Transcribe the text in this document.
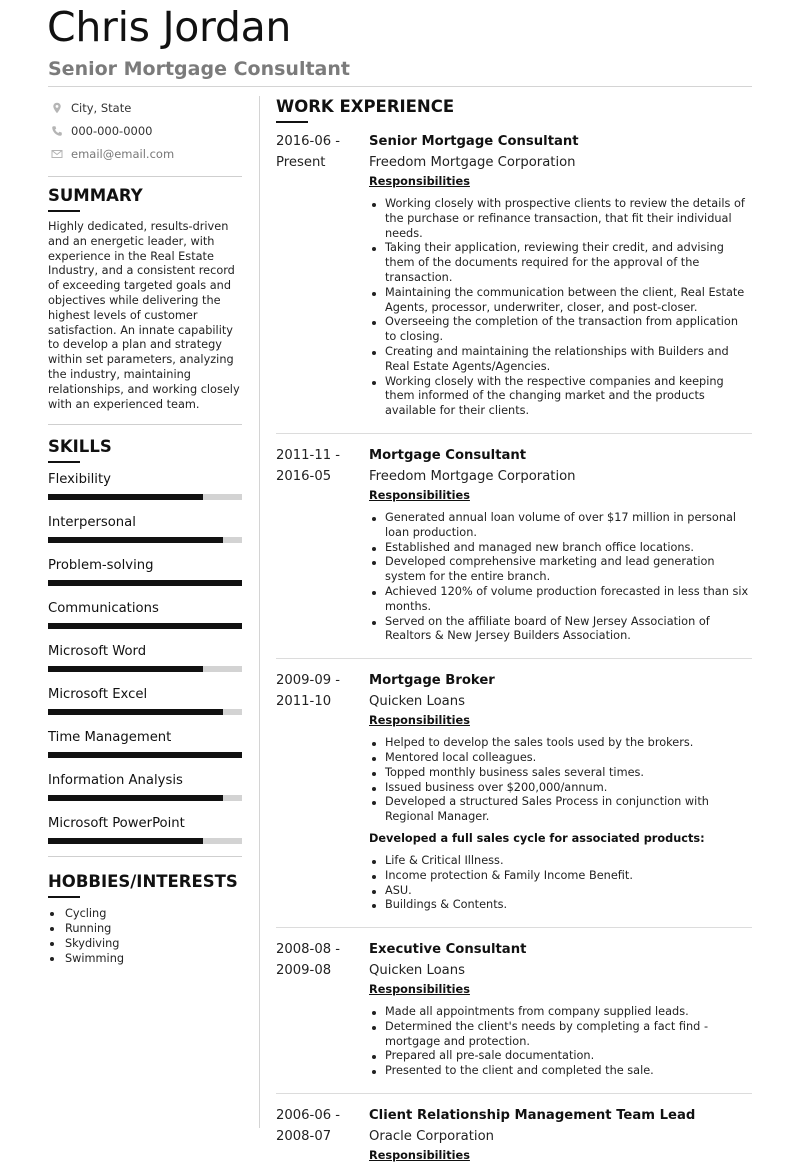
Chris Jordan
Senior Mortgage Consultant
City, State
000-000-0000
email@email.com
SUMMARY
Highly dedicated, results-driven and an energetic leader, with experience in the Real Estate Industry, and a consistent record of exceeding targeted goals and objectives while delivering the highest levels of customer satisfaction. An innate capability to develop a plan and strategy within set parameters, analyzing the industry, maintaining relationships, and working closely with an experienced team.
SKILLS
Flexibility
Interpersonal
Problem-solving
Communications
Microsoft Word
Microsoft Excel
Time Management
Information Analysis
Microsoft PowerPoint
HOBBIES/INTERESTS
Cycling
Running
Skydiving
Swimming
WORK EXPERIENCE
2016-06 -
Present
Senior Mortgage Consultant
Freedom Mortgage Corporation
Responsibilities
Working closely with prospective clients to review the details of the purchase or refinance transaction, that fit their individual needs.
Taking their application, reviewing their credit, and advising them of the documents required for the approval of the transaction.
Maintaining the communication between the client, Real Estate Agents, processor, underwriter, closer, and post-closer.
Overseeing the completion of the transaction from application to closing.
Creating and maintaining the relationships with Builders and Real Estate Agents/Agencies.
Working closely with the respective companies and keeping them informed of the changing market and the products available for their clients.
2011-11 -
2016-05
Mortgage Consultant
Freedom Mortgage Corporation
Responsibilities
Generated annual loan volume of over $17 million in personal loan production.
Established and managed new branch office locations.
Developed comprehensive marketing and lead generation system for the entire branch.
Achieved 120% of volume production forecasted in less than six months.
Served on the affiliate board of New Jersey Association of Realtors & New Jersey Builders Association.
2009-09 -
2011-10
Mortgage Broker
Quicken Loans
Responsibilities
Helped to develop the sales tools used by the brokers.
Mentored local colleagues.
Topped monthly business sales several times.
Issued business over $200,000/annum.
Developed a structured Sales Process in conjunction with Regional Manager.
Developed a full sales cycle for associated products:
Life & Critical Illness.
Income protection & Family Income Benefit.
ASU.
Buildings & Contents.
2008-08 -
2009-08
Executive Consultant
Quicken Loans
Responsibilities
Made all appointments from company supplied leads.
Determined the client's needs by completing a fact find - mortgage and protection.
Prepared all pre-sale documentation.
Presented to the client and completed the sale.
2006-06 -
2008-07
Client Relationship Management Team Lead
Oracle Corporation
Responsibilities
